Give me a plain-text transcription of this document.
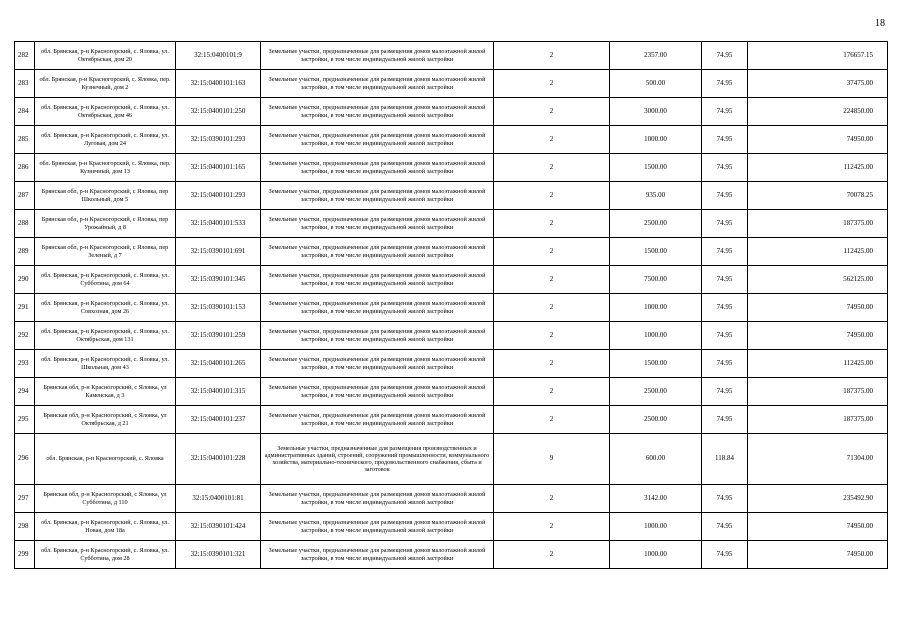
18
282	обл. Брянская, р-н Красногорский, с. Яловка, ул. Октябрьская, дом 20	32:15:0400101:9	Земельные участки, предназначенные для размещения домов малоэтажной жилой застройки, в том числе индивидуальной жилой застройки	2	2357.00	74.95	176657.15
283	обл. Брянская, р-н Красногорский, с. Яловка, пер. Кузнечный, дом 2	32:15:0400101:163	Земельные участки, предназначенные для размещения домов малоэтажной жилой застройки, в том числе индивидуальной жилой застройки	2	500.00	74.95	37475.00
284	обл. Брянская, р-н Красногорский, с. Яловка, ул. Октябрьская, дом 46	32:15:0400101:250	Земельные участки, предназначенные для размещения домов малоэтажной жилой застройки, в том числе индивидуальной жилой застройки	2	3000.00	74.95	224850.00
285	обл. Брянская, р-н Красногорский, с. Яловка, ул. Луговая, дом 24	32:15:0390101:293	Земельные участки, предназначенные для размещения домов малоэтажной жилой застройки, в том числе индивидуальной жилой застройки	2	1000.00	74.95	74950.00
286	обл. Брянская, р-н Красногорский, с. Яловка, пер. Кузнечный, дом 13	32:15:0400101:165	Земельные участки, предназначенные для размещения домов малоэтажной жилой застройки, в том числе индивидуальной жилой застройки	2	1500.00	74.95	112425.00
287	Брянская обл, р-н Красногорский, с Яловка, пер Школьный, дом 5	32:15:0400101:293	Земельные участки, предназначенные для размещения домов малоэтажной жилой застройки, в том числе индивидуальной жилой застройки	2	935.00	74.95	70078.25
288	Брянская обл, р-н Красногорский, с Яловка, пер Урожайный, д 8	32:15:0400101:533	Земельные участки, предназначенные для размещения домов малоэтажной жилой застройки, в том числе индивидуальной жилой застройки	2	2500.00	74.95	187375.00
289	Брянская обл, р-н Красногорский, с Яловка, пер Зеленый, д 7	32:15:0390101:691	Земельные участки, предназначенные для размещения домов малоэтажной жилой застройки, в том числе индивидуальной жилой застройки	2	1500.00	74.95	112425.00
290	обл. Брянская, р-н Красногорский, с. Яловка, ул. Субботина, дом 64	32:15:0390101:345	Земельные участки, предназначенные для размещения домов малоэтажной жилой застройки, в том числе индивидуальной жилой застройки	2	7500.00	74.95	562125.00
291	обл. Брянская, р-н Красногорский, с. Яловка, ул. Совхозная, дом 26	32:15:0390101:153	Земельные участки, предназначенные для размещения домов малоэтажной жилой застройки, в том числе индивидуальной жилой застройки	2	1000.00	74.95	74950.00
292	обл. Брянская, р-н Красногорский, с. Яловка, ул. Октябрьская, дом 131	32:15:0390101:259	Земельные участки, предназначенные для размещения домов малоэтажной жилой застройки, в том числе индивидуальной жилой застройки	2	1000.00	74.95	74950.00
293	обл. Брянская, р-н Красногорский, с. Яловка, ул. Школьная, дом 43	32:15:0400101:265	Земельные участки, предназначенные для размещения домов малоэтажной жилой застройки, в том числе индивидуальной жилой застройки	2	1500.00	74.95	112425.00
294	Брянская обл, р-н Красногорский, с Яловка, ул Каменская, д 3	32:15:0400101:315	Земельные участки, предназначенные для размещения домов малоэтажной жилой застройки, в том числе индивидуальной жилой застройки	2	2500.00	74.95	187375.00
295	Брянская обл, р-н Красногорский, с Яловка, ул Октябрьская, д 21	32:15:0400101:237	Земельные участки, предназначенные для размещения домов малоэтажной жилой застройки, в том числе индивидуальной жилой застройки	2	2500.00	74.95	187375.00
296	обл. Брянская, р-н Красногорский, с. Яловка	32:15:0400101:228	Земельные участки, предназначенные для размещения производственных и административных зданий, строений, сооружений промышленности, коммунального хозяйства, материально-технического, продовольственного снабжения, сбыта и заготовок	9	600.00	118.84	71304.00
297	Брянская обл, р-н Красногорский, с Яловка, ул Субботина, д 110	32:15:0400101:81	Земельные участки, предназначенные для размещения домов малоэтажной жилой застройки, в том числе индивидуальной жилой застройки	2	3142.00	74.95	235492.90
298	обл. Брянская, р-н Красногорский, с. Яловка, ул. Новая, дом 18а	32:15:0390101:424	Земельные участки, предназначенные для размещения домов малоэтажной жилой застройки, в том числе индивидуальной жилой застройки	2	1000.00	74.95	74950.00
299	обл. Брянская, р-н Красногорский, с. Яловка, ул. Субботина, дом 28	32:15:0390101:321	Земельные участки, предназначенные для размещения домов малоэтажной жилой застройки, в том числе индивидуальной жилой застройки	2	1000.00	74.95	74950.00
